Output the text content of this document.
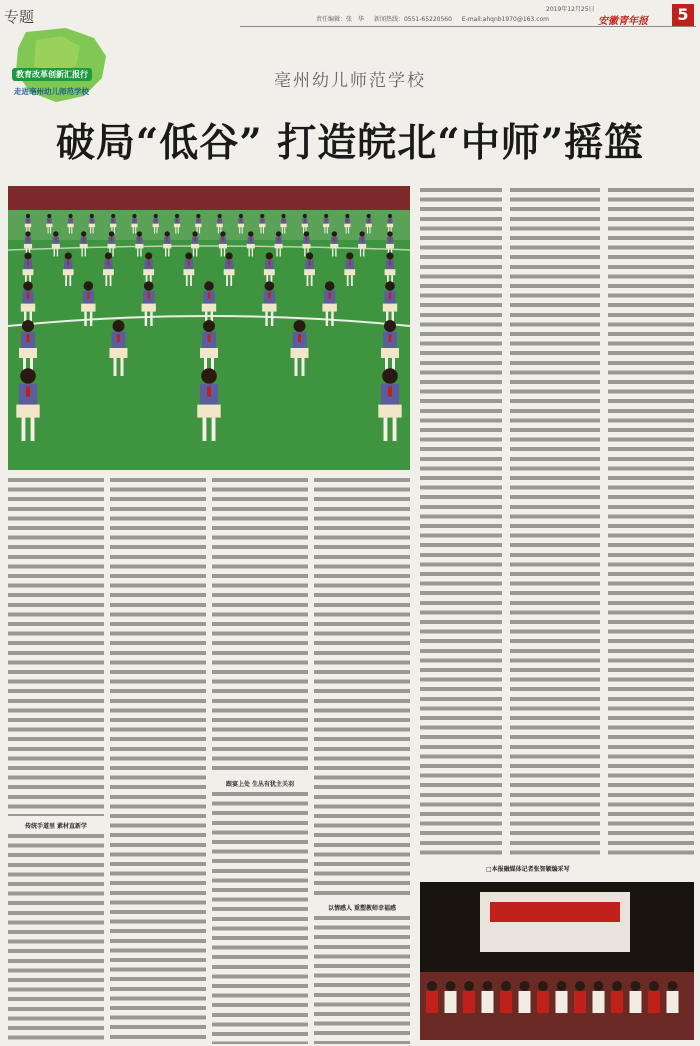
专题
教育改革创新汇报行
走进亳州幼儿师范学校
责任编辑：张　华 新闻热线：0551-65220560 E-mail:ahqnb1970@163.com
2019年12月25日
安徽青年报	5
亳州幼儿师范学校
破局“低谷” 打造皖北“中师”摇篮
传统手道里 素材直新学
跟宴上处 生丛有犹主关羽
以情感人 重塑教师幸福感
□本报融媒体记者张智颖编采写
